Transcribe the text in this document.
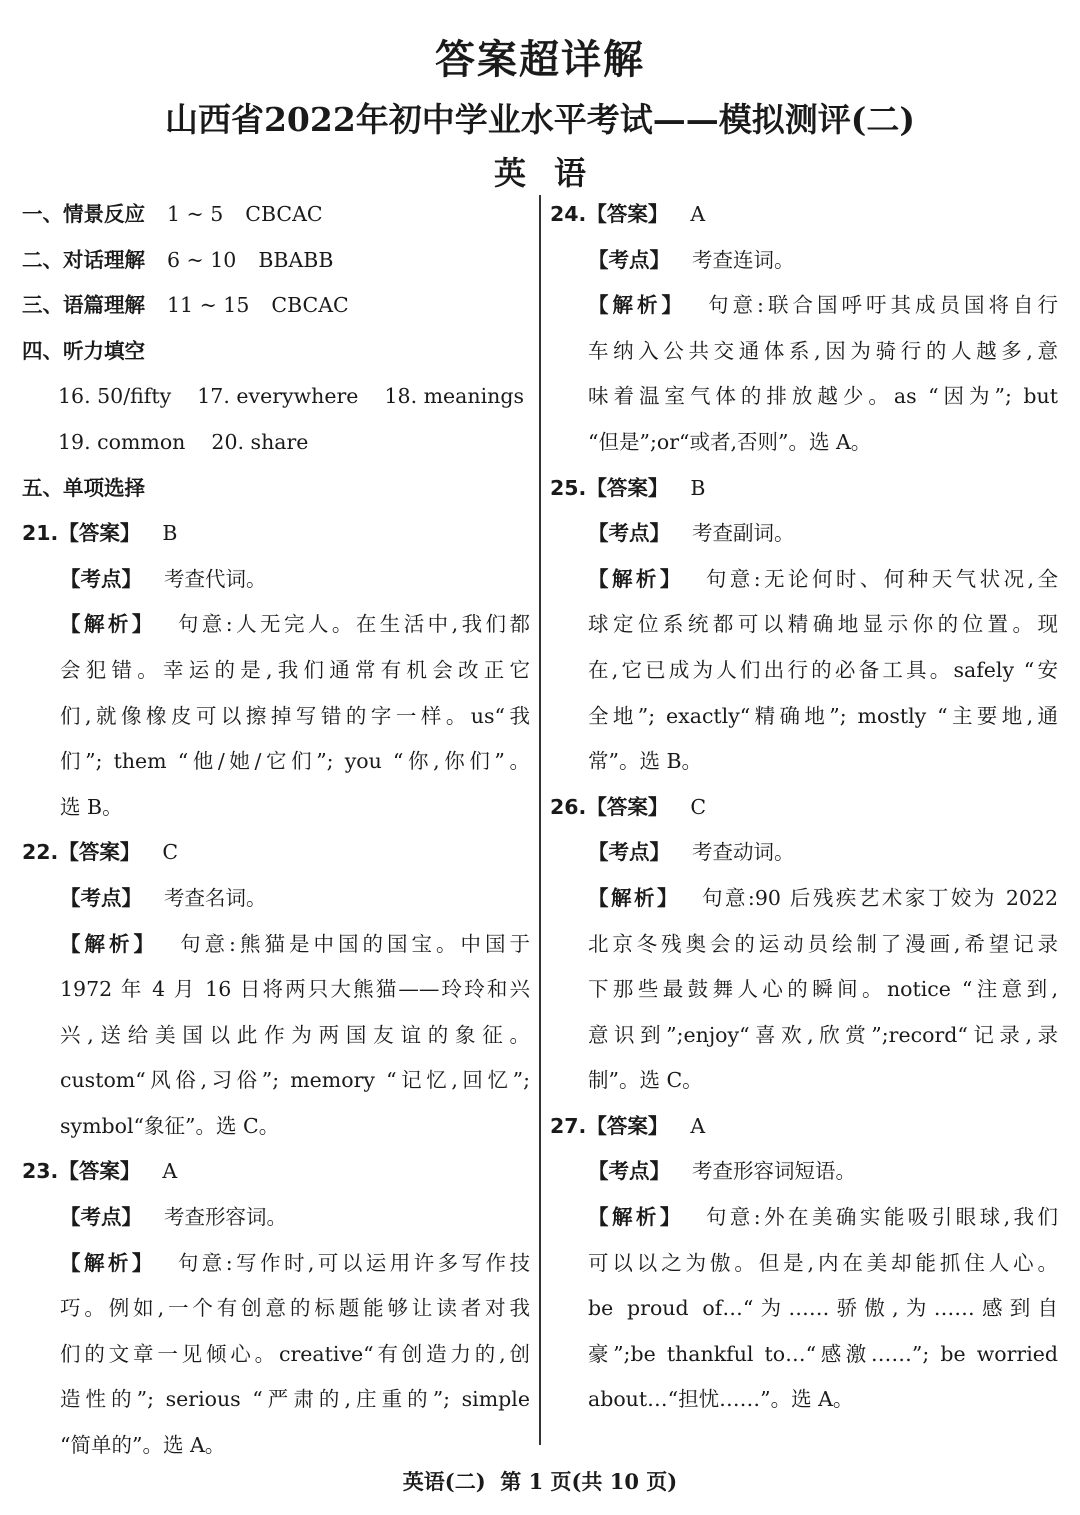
答案超详解
山西省2022年初中学业水平考试——模拟测评(二)
英语
一、情景反应 1 ~ 5 CBCAC
二、对话理解 6 ~ 10 BBABB
三、语篇理解 11 ~ 15 CBCAC
四、听力填空
16. 50/fifty    17. everywhere    18. meanings
19. common    20. share
五、单项选择
21.【答案】 B
【考点】 考查代词。
【解析】 句意:人无完人。在生活中,我们都
会犯错。幸运的是,我们通常有机会改正它
们,就像橡皮可以擦掉写错的字一样。us“我
们”; them “他/她/它们”; you “你,你们”。
选 B。
22.【答案】 C
【考点】 考查名词。
【解析】 句意:熊猫是中国的国宝。中国于
1972 年 4 月 16 日将两只大熊猫——玲玲和兴
兴,送给美国以此作为两国友谊的象征。
custom“风俗,习俗”; memory “记忆,回忆”;
symbol“象征”。选 C。
23.【答案】 A
【考点】 考查形容词。
【解析】 句意:写作时,可以运用许多写作技
巧。例如,一个有创意的标题能够让读者对我
们的文章一见倾心。creative“有创造力的,创
造性的”; serious “严肃的,庄重的”; simple
“简单的”。选 A。
24.【答案】 A
【考点】 考查连词。
【解析】 句意:联合国呼吁其成员国将自行
车纳入公共交通体系,因为骑行的人越多,意
味着温室气体的排放越少。as “因为”; but
“但是”;or“或者,否则”。选 A。
25.【答案】 B
【考点】 考查副词。
【解析】 句意:无论何时、何种天气状况,全
球定位系统都可以精确地显示你的位置。现
在,它已成为人们出行的必备工具。safely “安
全地”; exactly“精确地”; mostly “主要地,通
常”。选 B。
26.【答案】 C
【考点】 考查动词。
【解析】 句意:90 后残疾艺术家丁姣为 2022
北京冬残奥会的运动员绘制了漫画,希望记录
下那些最鼓舞人心的瞬间。notice “注意到,
意识到”;enjoy“喜欢,欣赏”;record“记录,录
制”。选 C。
27.【答案】 A
【考点】 考查形容词短语。
【解析】 句意:外在美确实能吸引眼球,我们
可以以之为傲。但是,内在美却能抓住人心。
be proud of…“为……骄傲,为……感到自
豪”;be thankful to…“感激……”; be worried
about…“担忧……”。选 A。
英语(二)  第 1 页(共 10 页)
